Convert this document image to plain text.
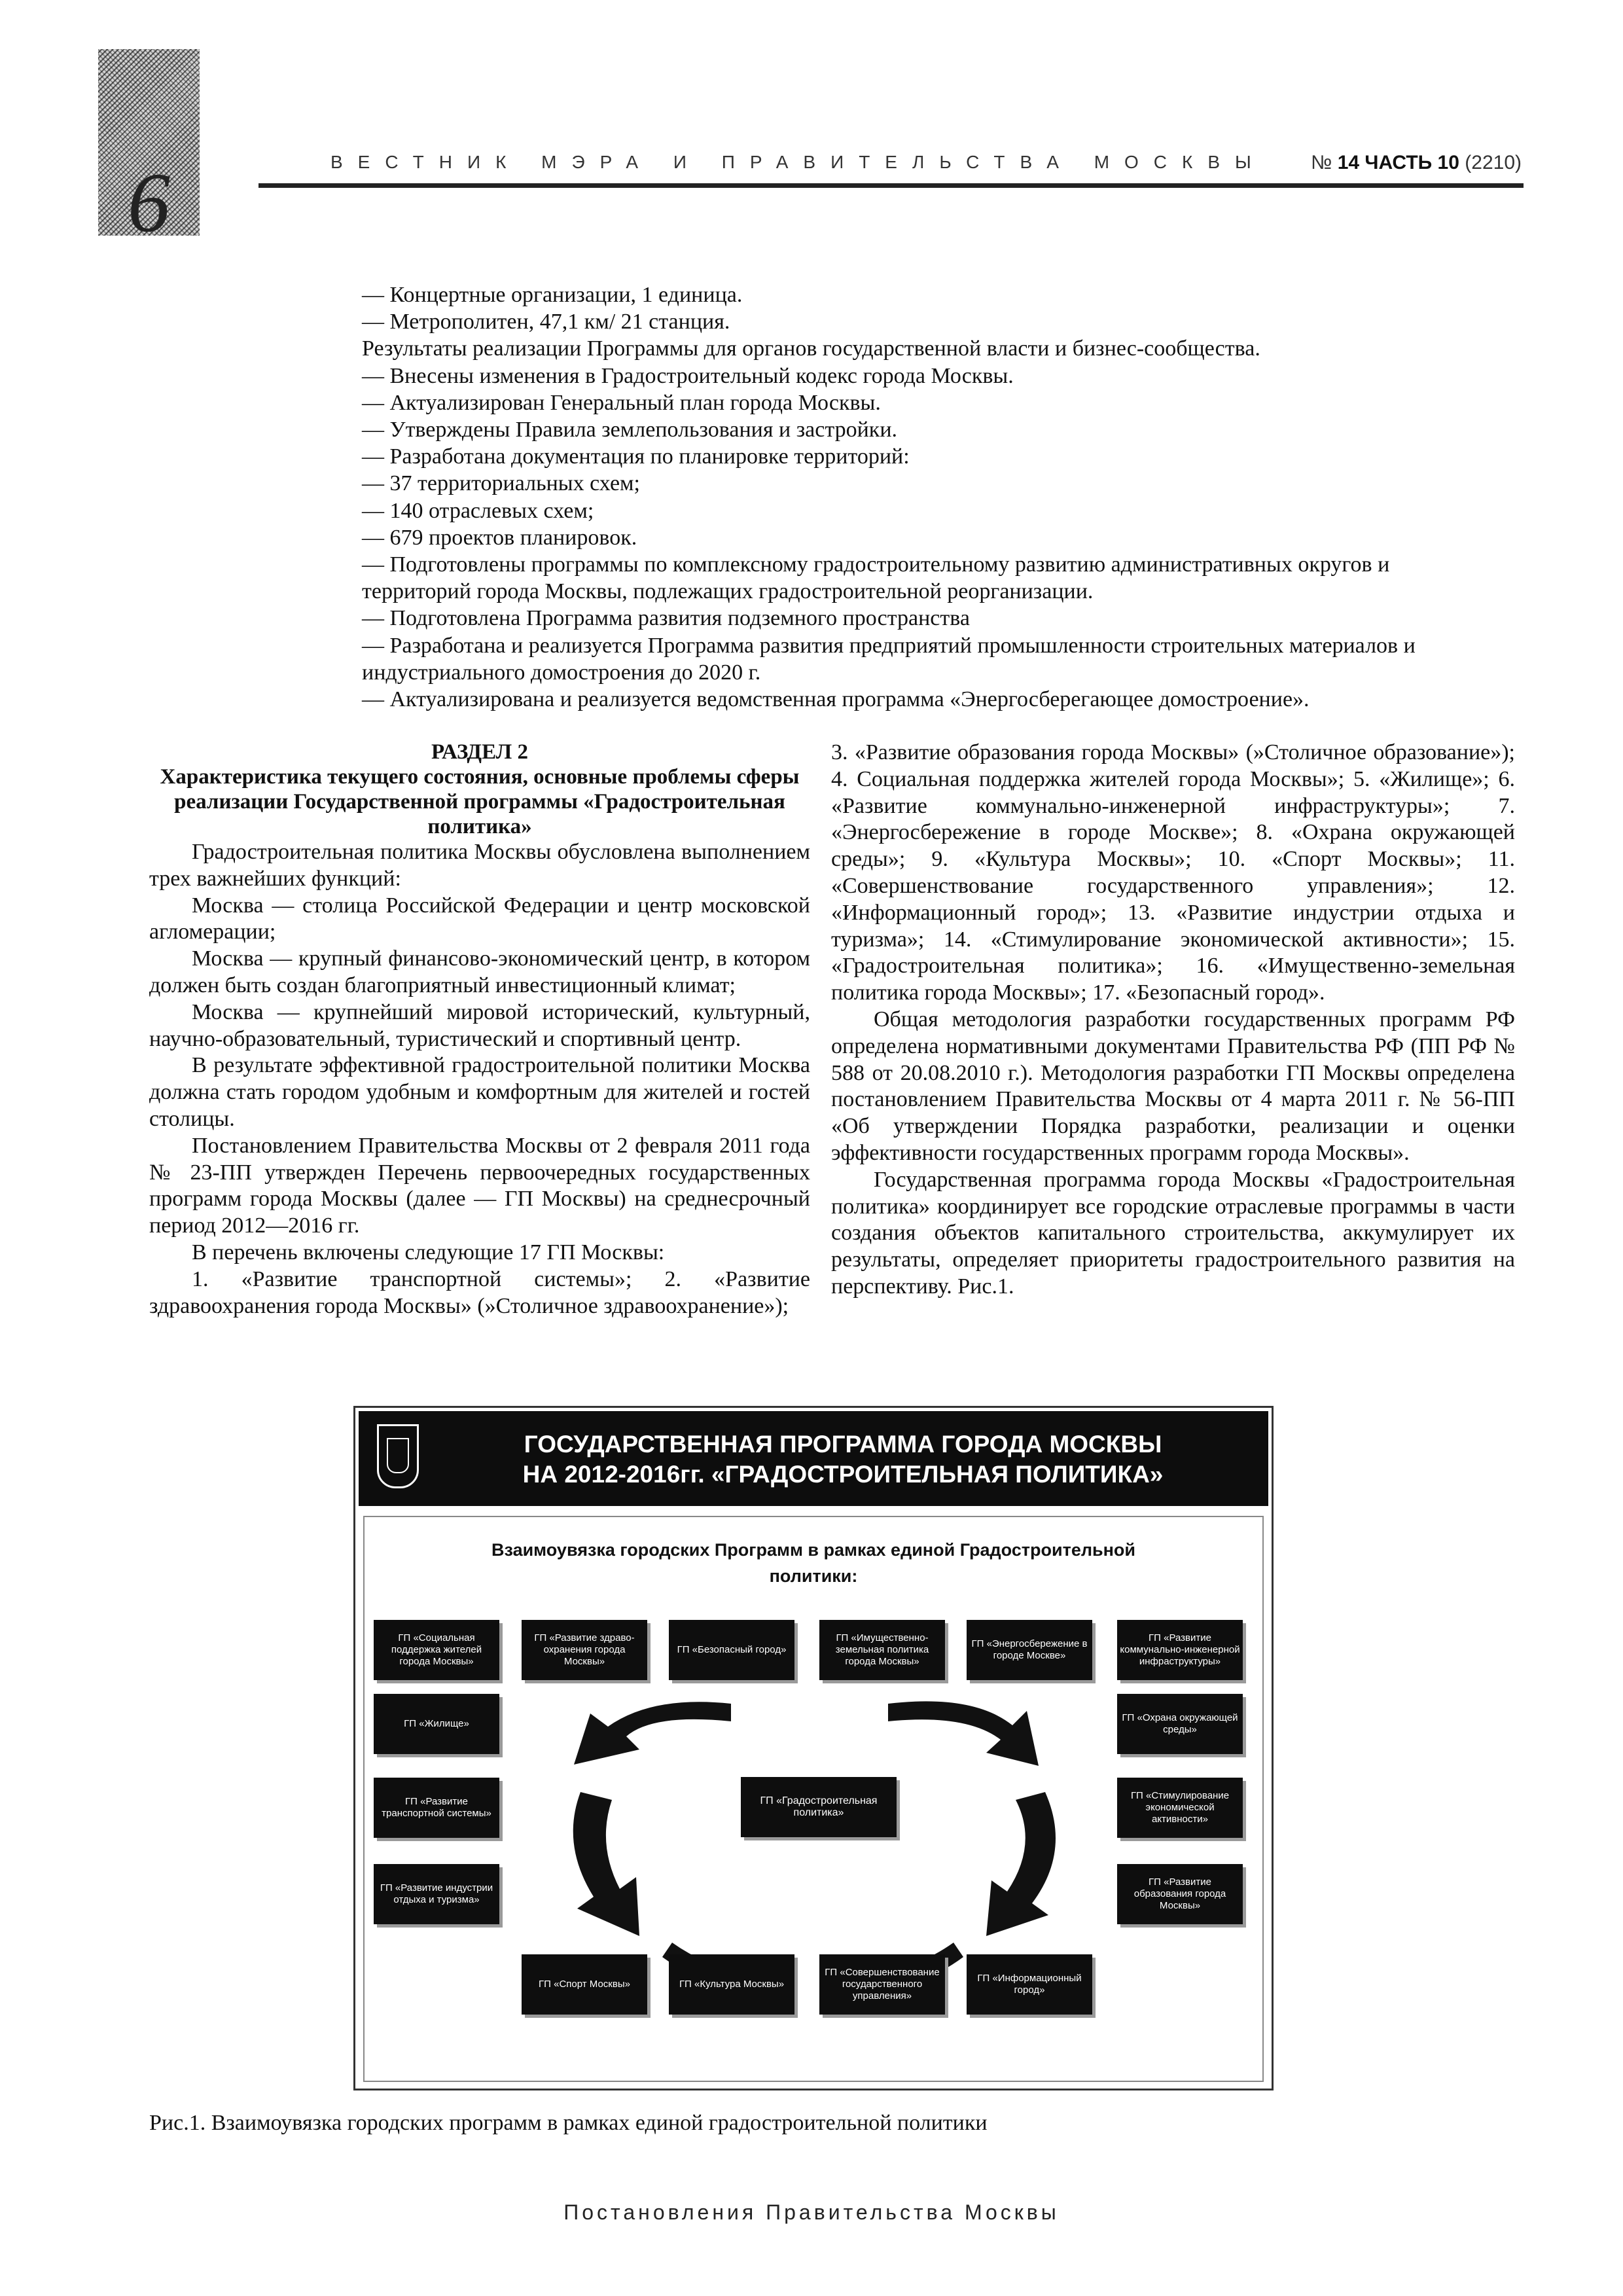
6	ВЕСТНИК МЭРА И ПРАВИТЕЛЬСТВА МОСКВЫ № 14 ЧАСТЬ 10 (2210)
— Концертные организации, 1 единица.
— Метрополитен, 47,1 км/ 21 станция.
Результаты реализации Программы для органов государственной власти и бизнес-сообщества.
— Внесены изменения в Градостроительный кодекс города Москвы.
— Актуализирован Генеральный план города Москвы.
— Утверждены Правила землепользования и застройки.
— Разработана документация по планировке территорий:
— 37 территориальных схем;
— 140 отраслевых схем;
— 679 проектов планировок.
— Подготовлены программы по комплексному градостроительному развитию административных округов и территорий города Москвы, подлежащих градостроительной реорганизации.
— Подготовлена Программа развития подземного пространства
— Разработана и реализуется Программа развития предприятий промышленности строительных материалов и индустриального домостроения до 2020 г.
— Актуализирована и реализуется ведомственная программа «Энергосберегающее домостроение».
РАЗДЕЛ 2
Характеристика текущего состояния, основные проблемы сферы реализации Государственной программы «Градостроительная политика»

Градостроительная политика Москвы обусловлена выполнением трех важнейших функций:

Москва — столица Российской Федерации и центр московской агломерации;

Москва — крупный финансово-экономический центр, в котором должен быть создан благоприятный инвестиционный климат;

Москва — крупнейший мировой исторический, культурный, научно-образовательный, туристический и спортивный центр.

В результате эффективной градостроительной политики Москва должна стать городом удобным и комфортным для жителей и гостей столицы.

Постановлением Правительства Москвы от 2 февраля 2011 года № 23-ПП утвержден Перечень первоочередных государственных программ города Москвы (далее — ГП Москвы) на среднесрочный период 2012—2016 гг.

В перечень включены следующие 17 ГП Москвы:

1. «Развитие транспортной системы»; 2. «Развитие здравоохранения города Москвы» (»Столичное здравоохранение»);

3. «Развитие образования города Москвы» (»Столичное образование»); 4. Социальная поддержка жителей города Москвы»; 5. «Жилище»; 6. «Развитие коммунально-инженерной инфраструктуры»; 7. «Энергосбережение в городе Москве»; 8. «Охрана окружающей среды»; 9. «Культура Москвы»; 10. «Спорт Москвы»; 11. «Совершенствование государственного управления»; 12. «Информационный город»; 13. «Развитие индустрии отдыха и туризма»; 14. «Стимулирование экономической активности»; 15. «Градостроительная политика»; 16. «Имущественно-земельная политика города Москвы»; 17. «Безопасный город».

Общая методология разработки государственных программ РФ определена нормативными документами Правительства РФ (ПП РФ № 588 от 20.08.2010 г.). Методология разработки ГП Москвы определена постановлением Правительства Москвы от 4 марта 2011 г. № 56-ПП «Об утверждении Порядка разработки, реализации и оценки эффективности государственных программ города Москвы».

Государственная программа города Москвы «Градостроительная политика» координирует все городские отраслевые программы в части создания объектов капитального строительства, аккумулирует их результаты, определяет приоритеты градостроительного развития на перспективу. Рис.1.

ГОСУДАРСТВЕННАЯ ПРОГРАММА ГОРОДА МОСКВЫ
НА 2012-2016гг. «ГРАДОСТРОИТЕЛЬНАЯ ПОЛИТИКА»
Взаимоувязка городских Программ в рамках единой Градостроительной
политики:
ГП «Социальная поддержка жителей города Москвы»
ГП «Развитие здраво-охранения города Москвы»
ГП «Безопасный город»
ГП «Имущественно-земельная политика города Москвы»
ГП «Энергосбережение в городе Москве»
ГП «Развитие коммунально-инженерной инфраструктуры»
ГП «Жилище»
ГП «Охрана окружающей среды»
ГП «Развитие транспортной системы»
ГП «Градостроительная политика»
ГП «Стимулирование экономической активности»
ГП «Развитие индустрии отдыха и туризма»
ГП «Развитие образования города Москвы»
ГП «Спорт Москвы»	ГП «Культура Москвы»
ГП «Совершенствование государственного управления»
ГП «Информационный город»
Рис.1. Взаимоувязка городских программ в рамках единой градостроительной политики
Постановления Правительства Москвы
